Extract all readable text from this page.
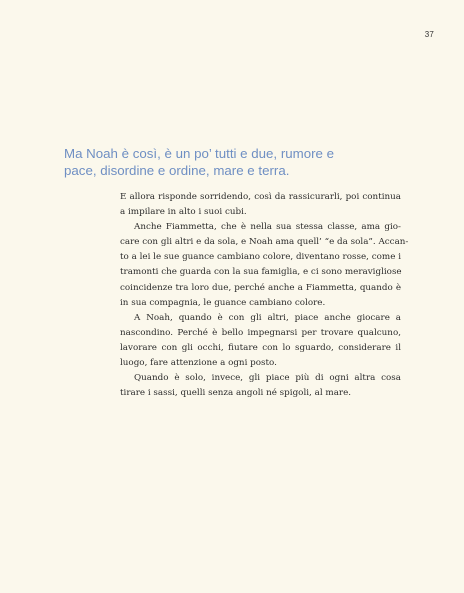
37

Ma Noah è così, è un po’ tutti e due, rumore e
pace, disordine e ordine, mare e terra.

E allora risponde sorridendo, così da rassicurarli, poi continua
a impilare in alto i suoi cubi.

Anche Fiammetta, che è nella sua stessa classe, ama gio-
care con gli altri e da sola, e Noah ama quell’ “e da sola”. Accan-
to a lei le sue guance cambiano colore, diventano rosse, come i
tramonti che guarda con la sua famiglia, e ci sono meravigliose
coincidenze tra loro due, perché anche a Fiammetta, quando è
in sua compagnia, le guance cambiano colore.

A Noah, quando è con gli altri, piace anche giocare a
nascondino. Perché è bello impegnarsi per trovare qualcuno,
lavorare con gli occhi, fiutare con lo sguardo, considerare il
luogo, fare attenzione a ogni posto.

Quando è solo, invece, gli piace più di ogni altra cosa
tirare i sassi, quelli senza angoli né spigoli, al mare.
